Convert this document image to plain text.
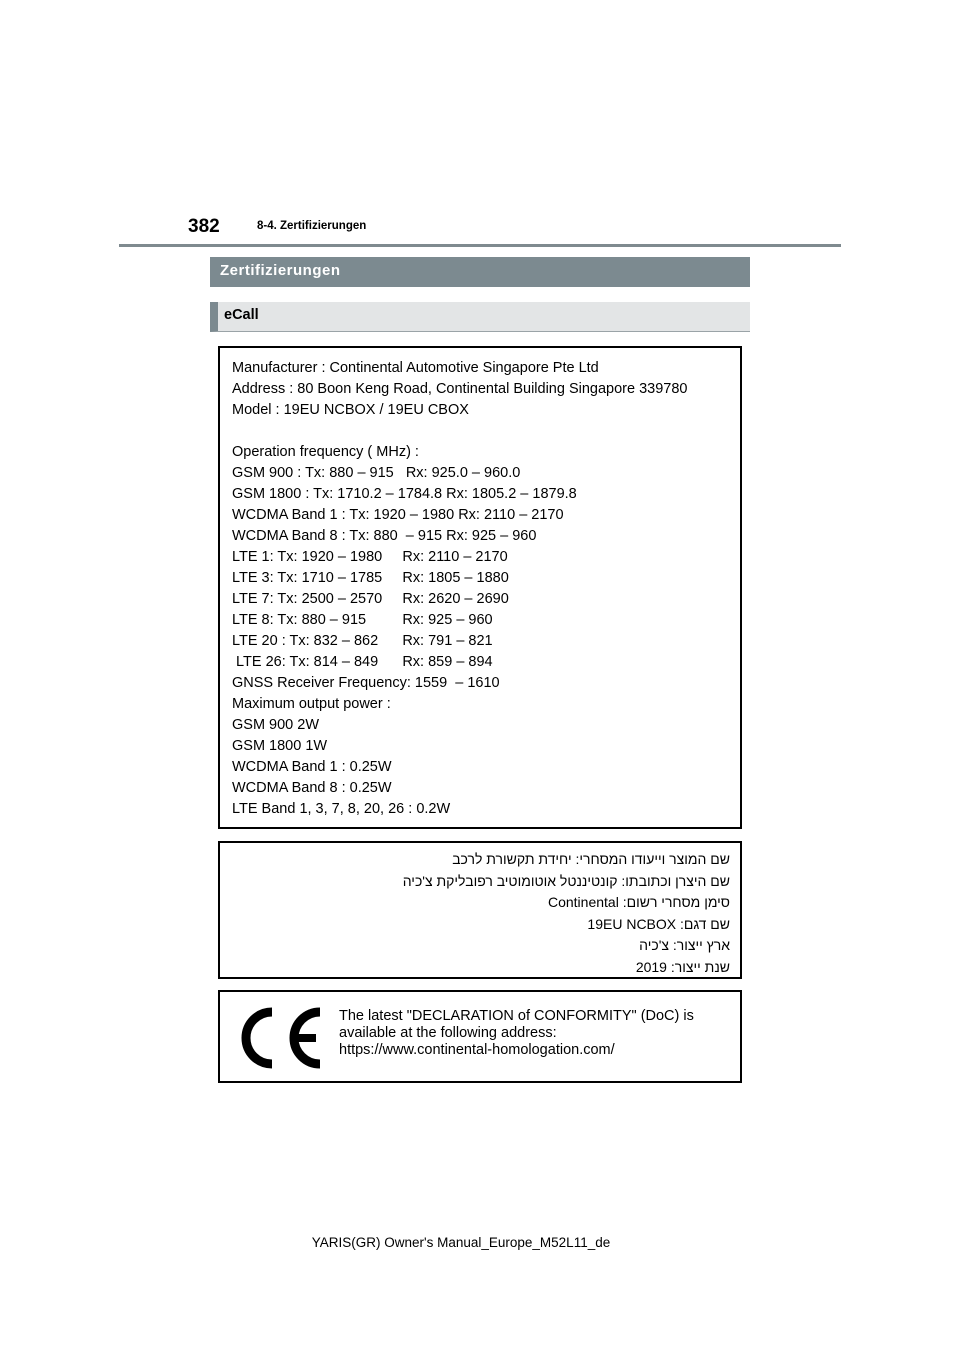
382	8-4. Zertifizierungen
Zertifizierungen
eCall
Manufacturer : Continental Automotive Singapore Pte Ltd
Address : 80 Boon Keng Road, Continental Building Singapore 339780
Model : 19EU NCBOX / 19EU CBOX
Operation frequency ( MHz) :
GSM 900 : Tx: 880 – 915   Rx: 925.0 – 960.0
GSM 1800 : Tx: 1710.2 – 1784.8 Rx: 1805.2 – 1879.8
WCDMA Band 1 : Tx: 1920 – 1980 Rx: 2110 – 2170
WCDMA Band 8 : Tx: 880  – 915 Rx: 925 – 960
LTE 1: Tx: 1920 – 1980     Rx: 2110 – 2170
LTE 3: Tx: 1710 – 1785     Rx: 1805 – 1880
LTE 7: Tx: 2500 – 2570     Rx: 2620 – 2690
LTE 8: Tx: 880 – 915         Rx: 925 – 960
LTE 20 : Tx: 832 – 862      Rx: 791 – 821
LTE 26: Tx: 814 – 849      Rx: 859 – 894
GNSS Receiver Frequency: 1559  – 1610
Maximum output power :
GSM 900 2W
GSM 1800 1W
WCDMA Band 1 : 0.25W
WCDMA Band 8 : 0.25W
LTE Band 1, 3, 7, 8, 20, 26 : 0.2W
שם המוצר וייעודו המסחרי: יחידת תקשורת לרכב
שם היצרן וכתובתו: קונטיננטל אוטומוטיב רפובליקת צ'כיה
סימן מסחרי רשום: Continental
שם דגם: 19EU NCBOX
ארץ ייצור: צ'כיה
שנת ייצור: 2019
The latest "DECLARATION of CONFORMITY" (DoC) is
available at the following address:
https://www.continental-homologation.com/
YARIS(GR) Owner's Manual_Europe_M52L11_de
